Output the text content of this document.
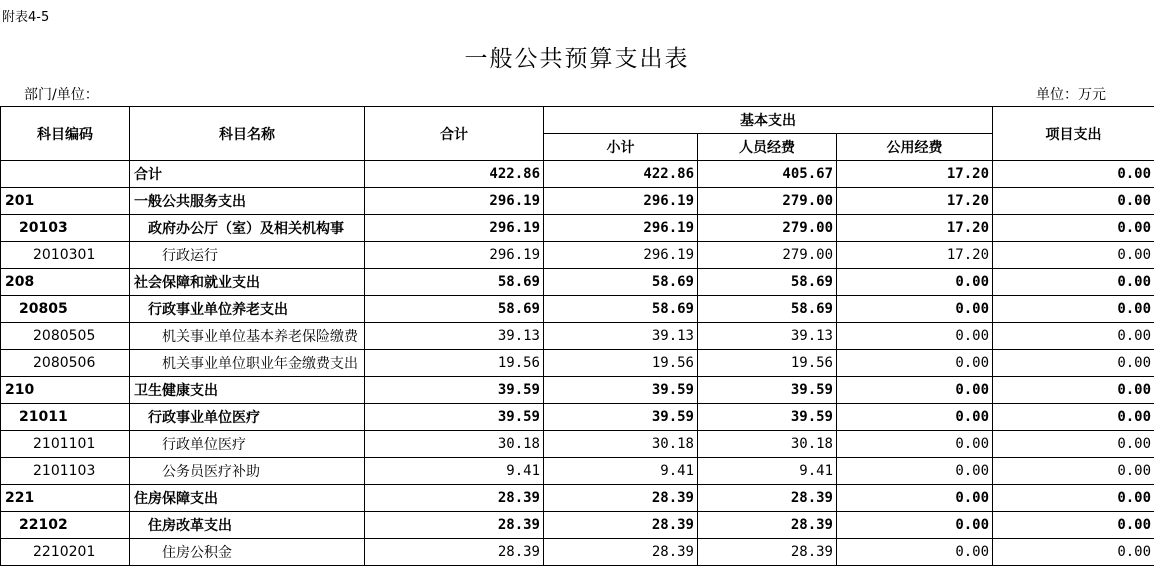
附表4-5
一般公共预算支出表
部门/单位：	单位：万元
科目编码	科目名称	合计	基本支出			项目支出
			小计	人员经费	公用经费	
	合计	422.86	422.86	405.67	17.20	0.00
201	一般公共服务支出	296.19	296.19	279.00	17.20	0.00
20103	政府办公厅（室）及相关机构事	296.19	296.19	279.00	17.20	0.00
2010301	行政运行	296.19	296.19	279.00	17.20	0.00
208	社会保障和就业支出	58.69	58.69	58.69	0.00	0.00
20805	行政事业单位养老支出	58.69	58.69	58.69	0.00	0.00
2080505	机关事业单位基本养老保险缴费	39.13	39.13	39.13	0.00	0.00
2080506	机关事业单位职业年金缴费支出	19.56	19.56	19.56	0.00	0.00
210	卫生健康支出	39.59	39.59	39.59	0.00	0.00
21011	行政事业单位医疗	39.59	39.59	39.59	0.00	0.00
2101101	行政单位医疗	30.18	30.18	30.18	0.00	0.00
2101103	公务员医疗补助	9.41	9.41	9.41	0.00	0.00
221	住房保障支出	28.39	28.39	28.39	0.00	0.00
22102	住房改革支出	28.39	28.39	28.39	0.00	0.00
2210201	住房公积金	28.39	28.39	28.39	0.00	0.00
